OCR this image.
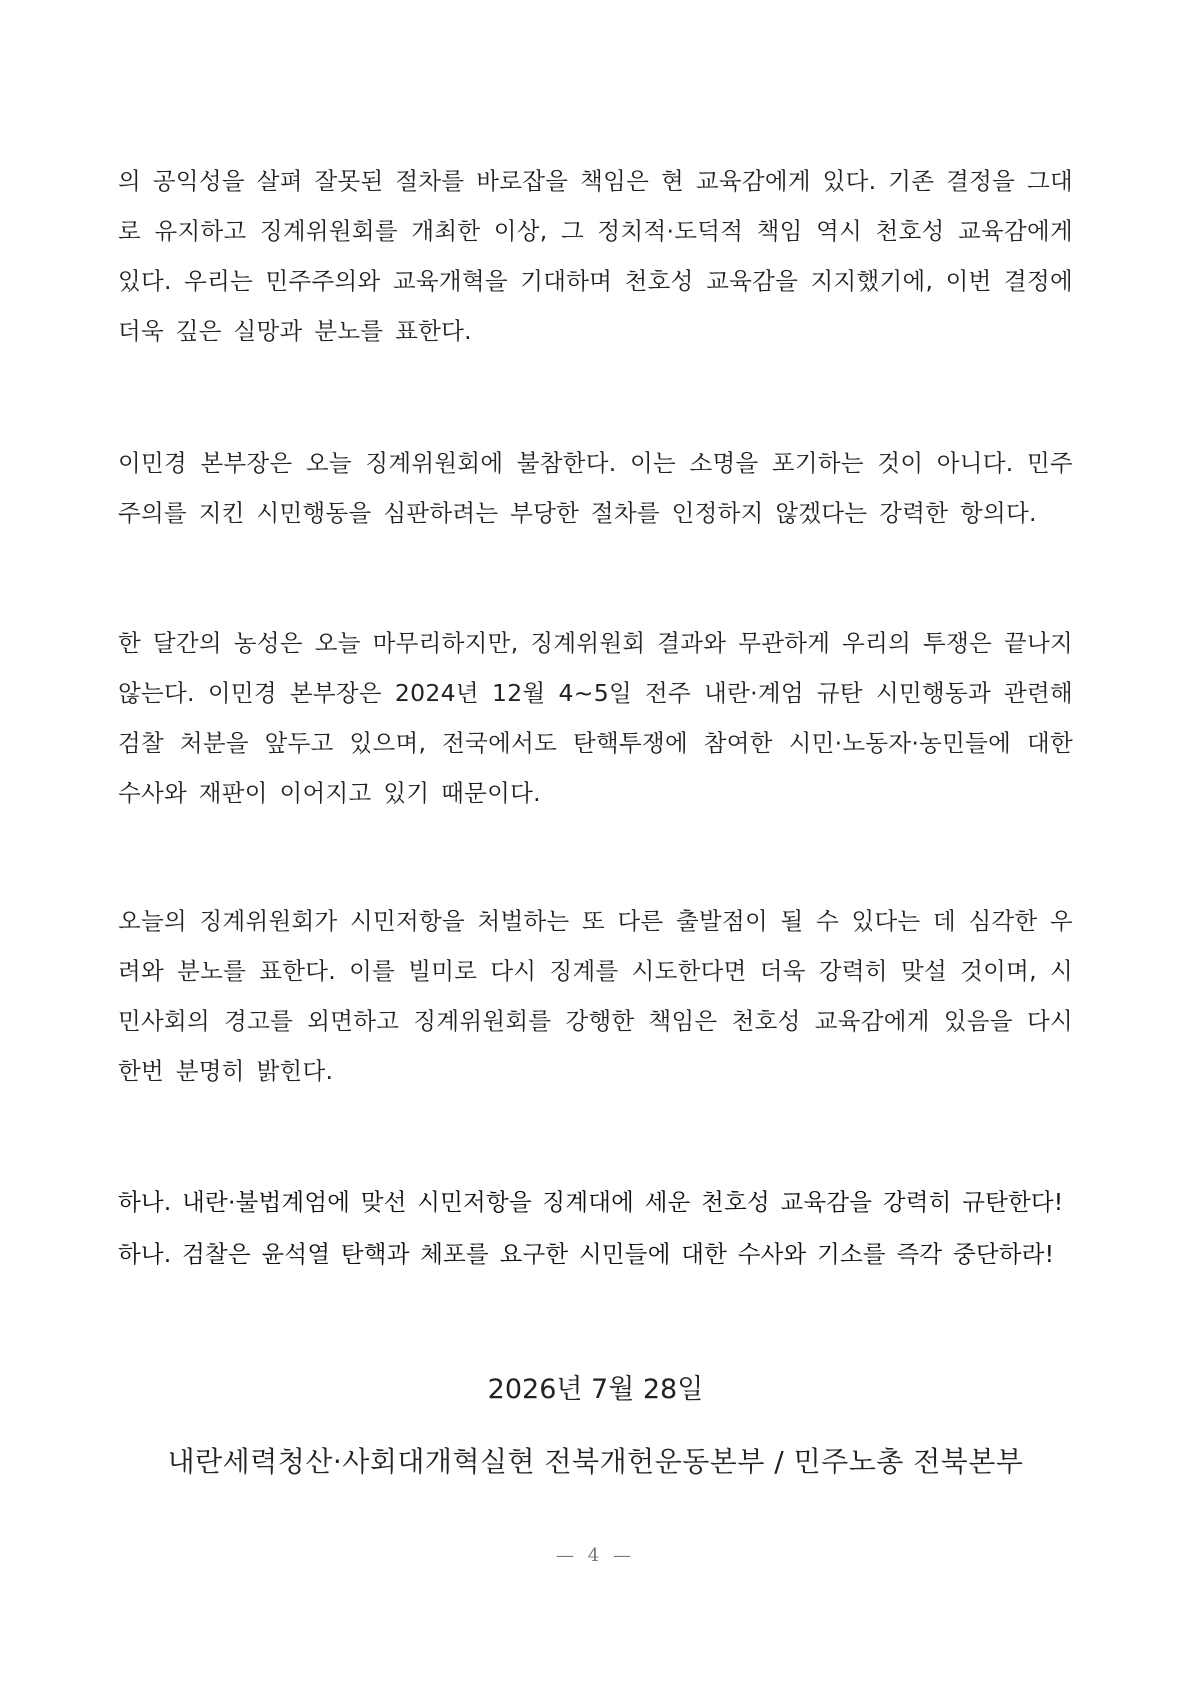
의 공익성을 살펴 잘못된 절차를 바로잡을 책임은 현 교육감에게 있다. 기존 결정을 그대로 유지하고 징계위원회를 개최한 이상, 그 정치적·도덕적 책임 역시 천호성 교육감에게 있다. 우리는 민주주의와 교육개혁을 기대하며 천호성 교육감을 지지했기에, 이번 결정에 더욱 깊은 실망과 분노를 표한다.

이민경 본부장은 오늘 징계위원회에 불참한다. 이는 소명을 포기하는 것이 아니다. 민주주의를 지킨 시민행동을 심판하려는 부당한 절차를 인정하지 않겠다는 강력한 항의다.

한 달간의 농성은 오늘 마무리하지만, 징계위원회 결과와 무관하게 우리의 투쟁은 끝나지 않는다. 이민경 본부장은 2024년 12월 4~5일 전주 내란·계엄 규탄 시민행동과 관련해 검찰 처분을 앞두고 있으며, 전국에서도 탄핵투쟁에 참여한 시민·노동자·농민들에 대한 수사와 재판이 이어지고 있기 때문이다.

오늘의 징계위원회가 시민저항을 처벌하는 또 다른 출발점이 될 수 있다는 데 심각한 우려와 분노를 표한다. 이를 빌미로 다시 징계를 시도한다면 더욱 강력히 맞설 것이며, 시민사회의 경고를 외면하고 징계위원회를 강행한 책임은 천호성 교육감에게 있음을 다시 한번 분명히 밝힌다.

하나. 내란·불법계엄에 맞선 시민저항을 징계대에 세운 천호성 교육감을 강력히 규탄한다!
하나. 검찰은 윤석열 탄핵과 체포를 요구한 시민들에 대한 수사와 기소를 즉각 중단하라!

2026년 7월 28일

내란세력청산·사회대개혁실현 전북개헌운동본부 / 민주노총 전북본부

— 4 —
